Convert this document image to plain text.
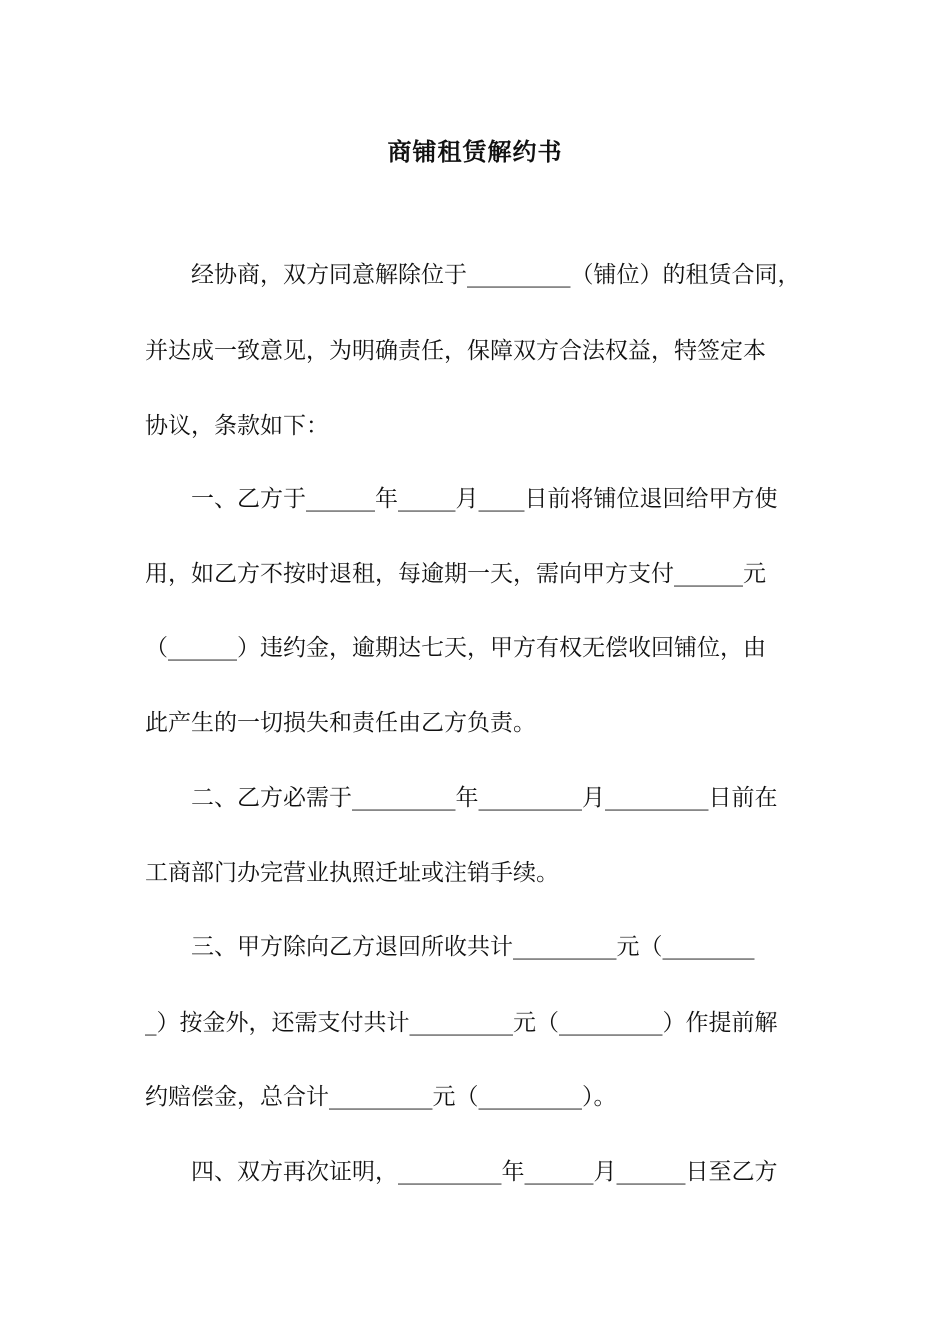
商铺租赁解约书
　　经协商，双方同意解除位于_________（铺位）的租赁合同，
并达成一致意见，为明确责任，保障双方合法权益，特签定本
协议，条款如下：
　　一、乙方于______年_____月____日前将铺位退回给甲方使
用，如乙方不按时退租，每逾期一天，需向甲方支付______元
（______）违约金，逾期达七天，甲方有权无偿收回铺位，由
此产生的一切损失和责任由乙方负责。
　　二、乙方必需于_________年_________月_________日前在
工商部门办完营业执照迁址或注销手续。
　　三、甲方除向乙方退回所收共计_________元（________
_）按金外，还需支付共计_________元（_________）作提前解
约赔偿金，总合计_________元（_________）。
　　四、双方再次证明，_________年______月______日至乙方
